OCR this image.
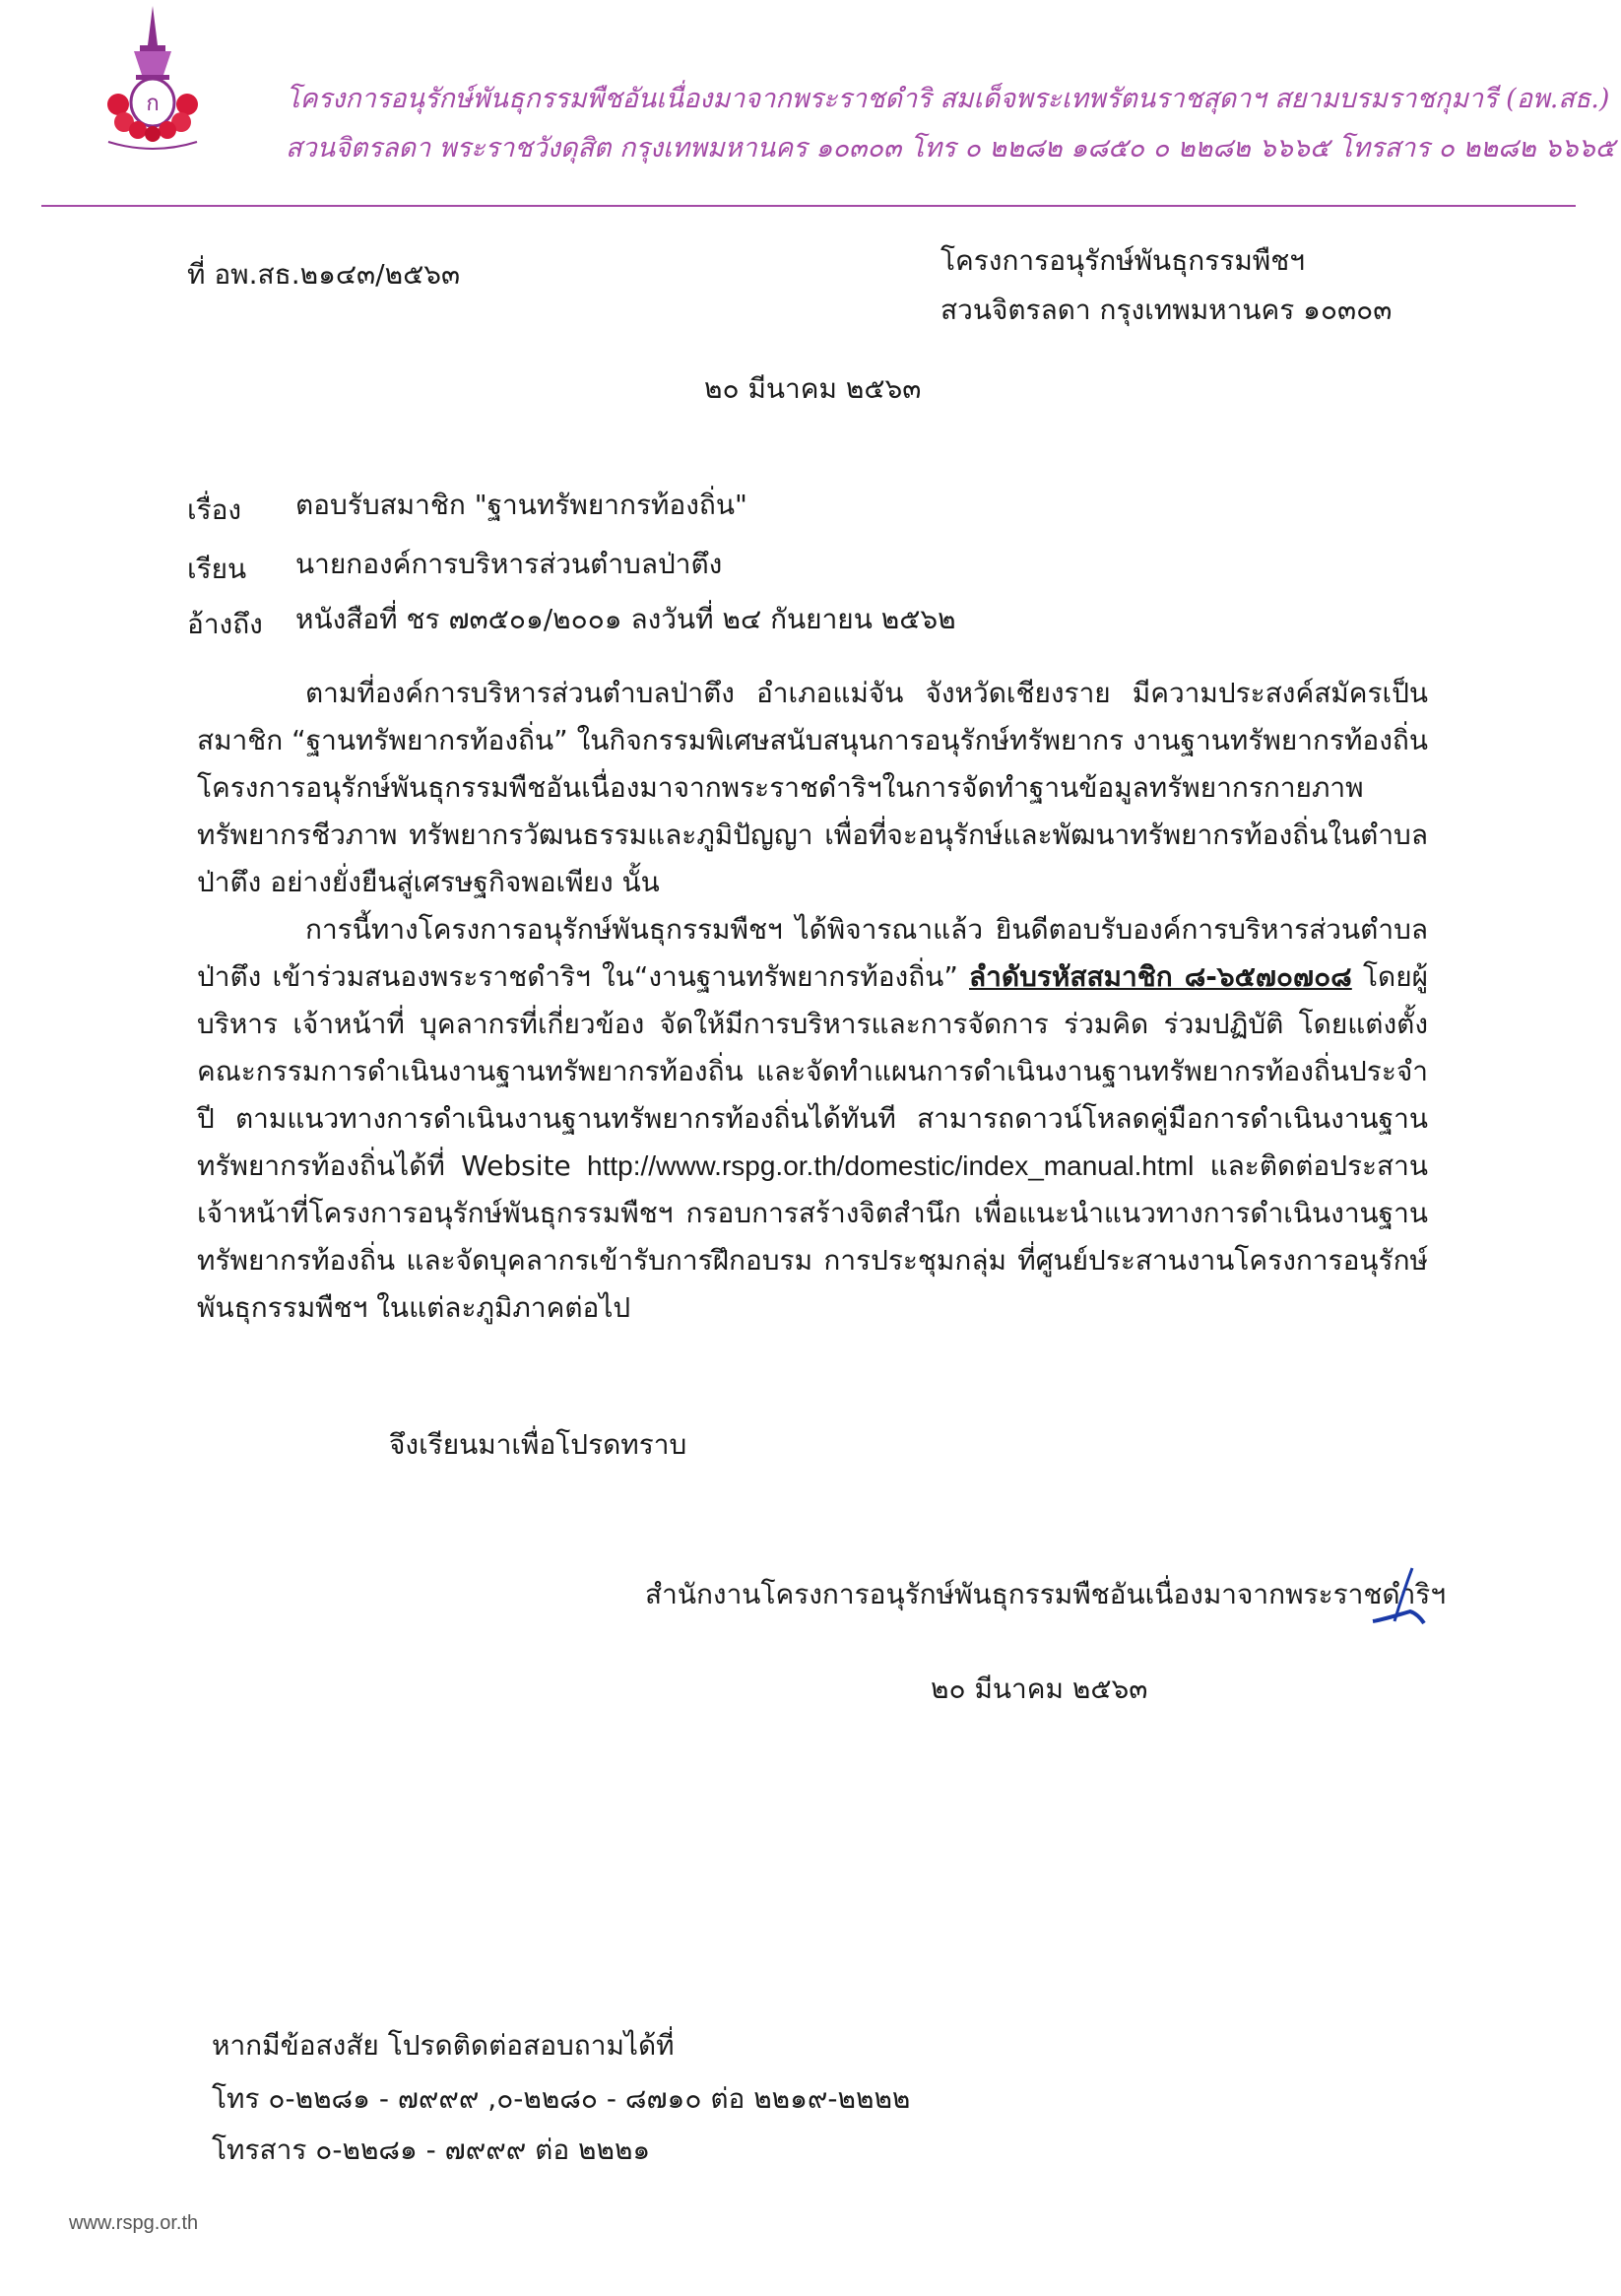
ก	โครงการอนุรักษ์พันธุกรรมพืชอันเนื่องมาจากพระราชดำริ สมเด็จพระเทพรัตนราชสุดาฯ สยามบรมราชกุมารี (อพ.สธ.)
สวนจิตรลดา พระราชวังดุสิต กรุงเทพมหานคร ๑๐๓๐๓ โทร ๐ ๒๒๘๒ ๑๘๕๐ ๐ ๒๒๘๒ ๖๖๖๕ โทรสาร ๐ ๒๒๘๒ ๖๖๖๕
ที่ อพ.สธ.๒๑๔๓/๒๕๖๓	โครงการอนุรักษ์พันธุกรรมพืชฯ
สวนจิตรลดา กรุงเทพมหานคร ๑๐๓๐๓
๒๐ มีนาคม ๒๕๖๓
เรื่อง ตอบรับสมาชิก "ฐานทรัพยากรท้องถิ่น"
เรียน นายกองค์การบริหารส่วนตำบลป่าตึง
อ้างถึง หนังสือที่ ชร ๗๓๕๐๑/๒๐๐๑ ลงวันที่ ๒๔ กันยายน ๒๕๖๒

ตามที่องค์การบริหารส่วนตำบลป่าตึง อำเภอแม่จัน จังหวัดเชียงราย มีความประสงค์สมัครเป็นสมาชิก “ฐานทรัพยากรท้องถิ่น” ในกิจกรรมพิเศษสนับสนุนการอนุรักษ์ทรัพยากร งานฐานทรัพยากรท้องถิ่น โครงการอนุรักษ์พันธุกรรมพืชอันเนื่องมาจากพระราชดำริฯในการจัดทำฐานข้อมูลทรัพยากรกายภาพ ทรัพยากรชีวภาพ ทรัพยากรวัฒนธรรมและภูมิปัญญา เพื่อที่จะอนุรักษ์และพัฒนาทรัพยากรท้องถิ่นในตำบลป่าตึง อย่างยั่งยืนสู่เศรษฐกิจพอเพียง นั้น

การนี้ทางโครงการอนุรักษ์พันธุกรรมพืชฯ ได้พิจารณาแล้ว ยินดีตอบรับองค์การบริหารส่วนตำบลป่าตึง เข้าร่วมสนองพระราชดำริฯ ใน“งานฐานทรัพยากรท้องถิ่น” ลำดับรหัสสมาชิก ๘-๖๕๗๐๗๐๘ โดยผู้บริหาร เจ้าหน้าที่ บุคลากรที่เกี่ยวข้อง จัดให้มีการบริหารและการจัดการ ร่วมคิด ร่วมปฏิบัติ โดยแต่งตั้งคณะกรรมการดำเนินงานฐานทรัพยากรท้องถิ่น และจัดทำแผนการดำเนินงานฐานทรัพยากรท้องถิ่นประจำปี ตามแนวทางการดำเนินงานฐานทรัพยากรท้องถิ่นได้ทันที สามารถดาวน์โหลดคู่มือการดำเนินงานฐานทรัพยากรท้องถิ่นได้ที่ Website http://www.rspg.or.th/domestic/index_manual.html และติดต่อประสานเจ้าหน้าที่โครงการอนุรักษ์พันธุกรรมพืชฯ กรอบการสร้างจิตสำนึก เพื่อแนะนำแนวทางการดำเนินงานฐานทรัพยากรท้องถิ่น และจัดบุคลากรเข้ารับการฝึกอบรม การประชุมกลุ่ม ที่ศูนย์ประสานงานโครงการอนุรักษ์พันธุกรรมพืชฯ ในแต่ละภูมิภาคต่อไป

จึงเรียนมาเพื่อโปรดทราบ
สำนักงานโครงการอนุรักษ์พันธุกรรมพืชอันเนื่องมาจากพระราชดำริฯ
๒๐ มีนาคม ๒๕๖๓
หากมีข้อสงสัย โปรดติดต่อสอบถามได้ที่
โทร ๐-๒๒๘๑ - ๗๙๙๙ ,๐-๒๒๘๐ - ๘๗๑๐ ต่อ ๒๒๑๙-๒๒๒๒
โทรสาร ๐-๒๒๘๑ - ๗๙๙๙ ต่อ ๒๒๒๑
www.rspg.or.th
